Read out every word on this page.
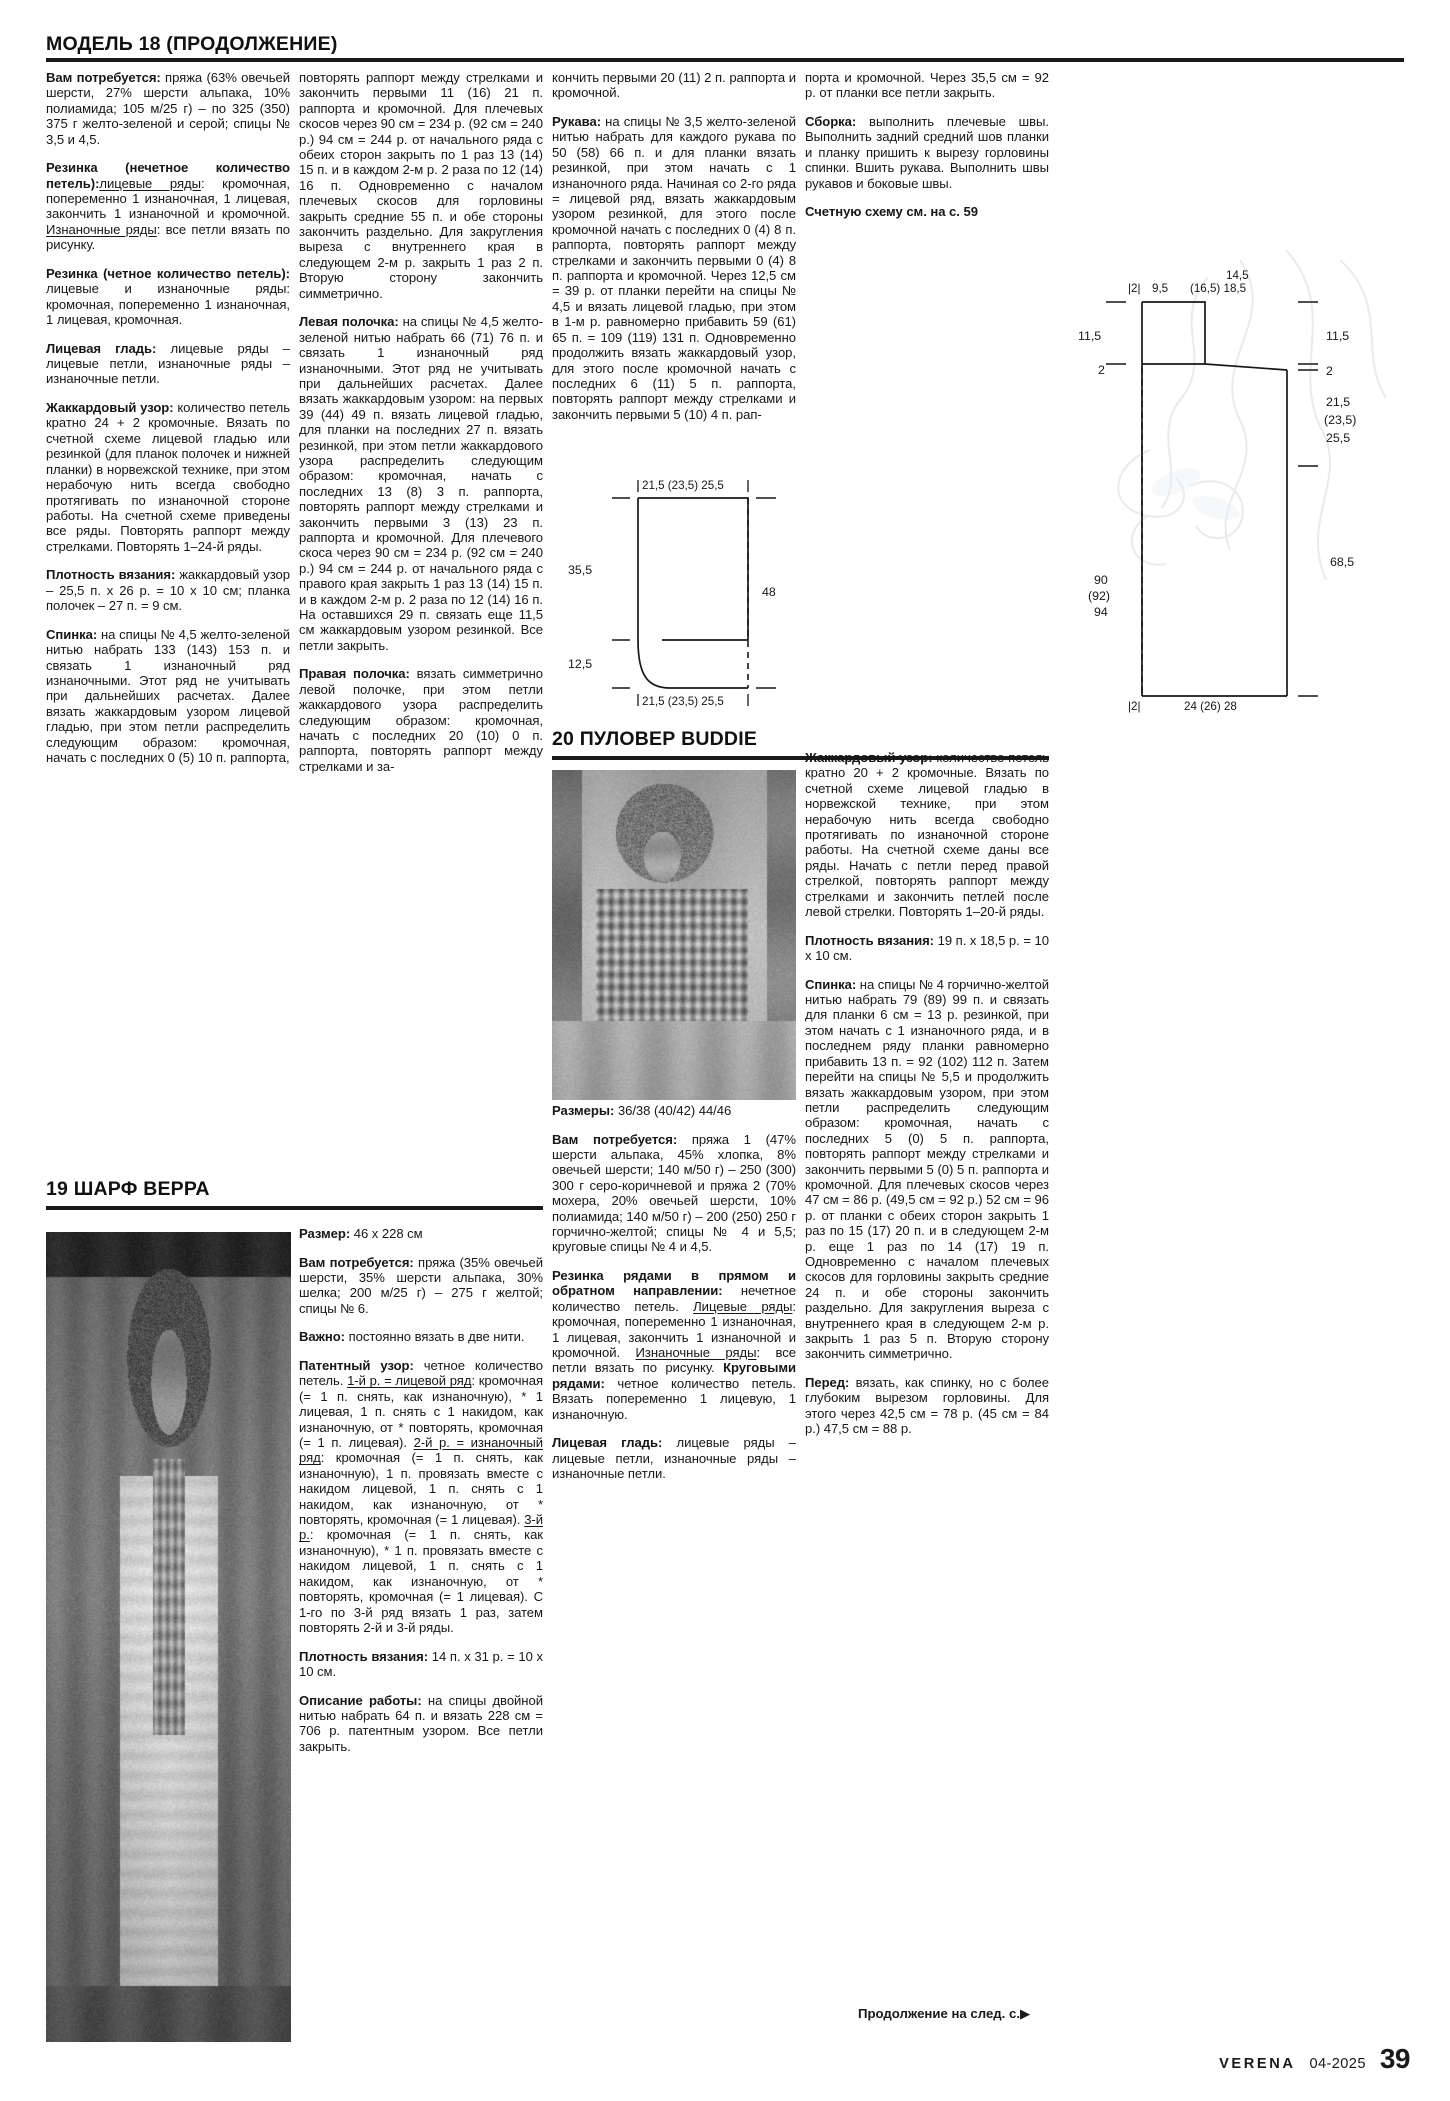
МОДЕЛЬ 18 (ПРОДОЛЖЕНИЕ)

Вам потребуется: пряжа (63% овечьей шерсти, 27% шерсти альпака, 10% полиамида; 105 м/25 г) – по 325 (350) 375 г желто-зеленой и серой; спицы № 3,5 и 4,5.

Резинка (нечетное количество петель):лицевые ряды: кромочная, попеременно 1 изнаночная, 1 лицевая, закончить 1 изнаночной и кромочной. Изнаночные ряды: все петли вязать по рисунку.

Резинка (четное количество петель): лицевые и изнаночные ряды: кромочная, попеременно 1 изнаночная, 1 лицевая, кромочная.

Лицевая гладь: лицевые ряды – лицевые петли, изнаночные ряды – изнаночные петли.

Жаккардовый узор: количество петель кратно 24 + 2 кромочные. Вязать по счетной схеме лицевой гладью или резинкой (для планок полочек и нижней планки) в норвежской технике, при этом нерабочую нить всегда свободно протягивать по изнаночной стороне работы. На счетной схеме приведены все ряды. Повторять раппорт между стрелками. Повторять 1–24-й ряды.

Плотность вязания: жаккардовый узор – 25,5 п. x 26 р. = 10 x 10 см; планка полочек – 27 п. = 9 см.

Спинка: на спицы № 4,5 желто-зеленой нитью набрать 133 (143) 153 п. и связать 1 изнаночный ряд изнаночными. Этот ряд не учитывать при дальнейших расчетах. Далее вязать жаккардовым узором лицевой гладью, при этом петли распределить следующим образом: кромочная, начать с последних 0 (5) 10 п. раппорта,

повторять раппорт между стрелками и закончить первыми 11 (16) 21 п. раппорта и кромочной. Для плечевых скосов через 90 см = 234 р. (92 см = 240 р.) 94 см = 244 р. от начального ряда с обеих сторон закрыть по 1 раз 13 (14) 15 п. и в каждом 2-м р. 2 раза по 12 (14) 16 п. Одновременно с началом плечевых скосов для горловины закрыть средние 55 п. и обе стороны закончить раздельно. Для закругления выреза с внутреннего края в следующем 2-м р. закрыть 1 раз 2 п. Вторую сторону закончить симметрично.

Левая полочка: на спицы № 4,5 желто-зеленой нитью набрать 66 (71) 76 п. и связать 1 изнаночный ряд изнаночными. Этот ряд не учитывать при дальнейших расчетах. Далее вязать жаккардовым узором: на первых 39 (44) 49 п. вязать лицевой гладью, для планки на последних 27 п. вязать резинкой, при этом петли жаккардового узора распределить следующим образом: кромочная, начать с последних 13 (8) 3 п. раппорта, повторять раппорт между стрелками и закончить первыми 3 (13) 23 п. раппорта и кромочной. Для плечевого скоса через 90 см = 234 р. (92 см = 240 р.) 94 см = 244 р. от начального ряда с правого края закрыть 1 раз 13 (14) 15 п. и в каждом 2-м р. 2 раза по 12 (14) 16 п. На оставшихся 29 п. связать еще 11,5 см жаккардовым узором резинкой. Все петли закрыть.

Правая полочка: вязать симметрично левой полочке, при этом петли жаккардового узора распределить следующим образом: кромочная, начать с последних 20 (10) 0 п. раппорта, повторять раппорт между стрелками и за-

кончить первыми 20 (11) 2 п. раппорта и кромочной.

Рукава: на спицы № 3,5 желто-зеленой нитью набрать для каждого рукава по 50 (58) 66 п. и для планки вязать резинкой, при этом начать с 1 изнаночного ряда. Начиная со 2-го ряда = лицевой ряд, вязать жаккардовым узором резинкой, для этого после кромочной начать с последних 0 (4) 8 п. раппорта, повторять раппорт между стрелками и закончить первыми 0 (4) 8 п. раппорта и кромочной. Через 12,5 см = 39 р. от планки перейти на спицы № 4,5 и вязать лицевой гладью, при этом в 1-м р. равномерно прибавить 59 (61) 65 п. = 109 (119) 131 п. Одновременно продолжить вязать жаккардовый узор, для этого после кромочной начать с последних 6 (11) 5 п. раппорта, повторять раппорт между стрелками и закончить первыми 5 (10) 4 п. рап-

порта и кромочной. Через 35,5 см = 92 р. от планки все петли закрыть.

Сборка: выполнить плечевые швы. Выполнить задний средний шов планки и планку пришить к вырезу горловины спинки. Вшить рукава. Выполнить швы рукавов и боковые швы.

Счетную схему см. на с. 59

21,5 (23,5) 25,5
35,5
12,5
48
21,5 (23,5) 25,5
|2| 9,5
14,5
(16,5) 18,5
11,5
2
11,5
2
21,5
(23,5)
25,5
68,5
90
(92)
94
|2|	24 (26) 28
19 ШАРФ ВЕРРА

Размер: 46 x 228 см

Вам потребуется: пряжа (35% овечьей шерсти, 35% шерсти альпака, 30% шелка; 200 м/25 г) – 275 г желтой; спицы № 6.

Важно: постоянно вязать в две нити.

Патентный узор: четное количество петель. 1-й р. = лицевой ряд: кромочная (= 1 п. снять, как изнаночную), * 1 лицевая, 1 п. снять с 1 накидом, как изнаночную, от * повторять, кромочная (= 1 п. лицевая). 2-й р. = изнаночный ряд: кромочная (= 1 п. снять, как изнаночную), 1 п. провязать вместе с накидом лицевой, 1 п. снять с 1 накидом, как изнаночную, от * повторять, кромочная (= 1 лицевая). 3-й р.: кромочная (= 1 п. снять, как изнаночную), * 1 п. провязать вместе с накидом лицевой, 1 п. снять с 1 накидом, как изнаночную, от * повторять, кромочная (= 1 лицевая). С 1-го по 3-й ряд вязать 1 раз, затем повторять 2-й и 3-й ряды.

Плотность вязания: 14 п. x 31 р. = 10 x 10 см.

Описание работы: на спицы двойной нитью набрать 64 п. и вязать 228 см = 706 р. патентным узором. Все петли закрыть.

20 ПУЛОВЕР BUDDIE

Размеры: 36/38 (40/42) 44/46

Вам потребуется: пряжа 1 (47% шерсти альпака, 45% хлопка, 8% овечьей шерсти; 140 м/50 г) – 250 (300) 300 г серо-коричневой и пряжа 2 (70% мохера, 20% овечьей шерсти, 10% полиамида; 140 м/50 г) – 200 (250) 250 г горчично-желтой; спицы № 4 и 5,5; круговые спицы № 4 и 4,5.

Резинка рядами в прямом и обратном направлении: нечетное количество петель. Лицевые ряды: кромочная, попеременно 1 изнаночная, 1 лицевая, закончить 1 изнаночной и кромочной. Изнаночные ряды: все петли вязать по рисунку. Круговыми рядами: четное количество петель. Вязать попеременно 1 лицевую, 1 изнаночную.

Лицевая гладь: лицевые ряды – лицевые петли, изнаночные ряды – изнаночные петли.

Жаккардовый узор: количество петель кратно 20 + 2 кромочные. Вязать по счетной схеме лицевой гладью в норвежской технике, при этом нерабочую нить всегда свободно протягивать по изнаночной стороне работы. На счетной схеме даны все ряды. Начать с петли перед правой стрелкой, повторять раппорт между стрелками и закончить петлей после левой стрелки. Повторять 1–20-й ряды.

Плотность вязания: 19 п. x 18,5 р. = 10 x 10 см.

Спинка: на спицы № 4 горчично-желтой нитью набрать 79 (89) 99 п. и связать для планки 6 см = 13 р. резинкой, при этом начать с 1 изнаночного ряда, и в последнем ряду планки равномерно прибавить 13 п. = 92 (102) 112 п. Затем перейти на спицы № 5,5 и продолжить вязать жаккардовым узором, при этом петли распределить следующим образом: кромочная, начать с последних 5 (0) 5 п. раппорта, повторять раппорт между стрелками и закончить первыми 5 (0) 5 п. раппорта и кромочной. Для плечевых скосов через 47 см = 86 р. (49,5 см = 92 р.) 52 см = 96 р. от планки с обеих сторон закрыть 1 раз по 15 (17) 20 п. и в следующем 2-м р. еще 1 раз по 14 (17) 19 п. Одновременно с началом плечевых скосов для горловины закрыть средние 24 п. и обе стороны закончить раздельно. Для закругления выреза с внутреннего края в следующем 2-м р. закрыть 1 раз 5 п. Вторую сторону закончить симметрично.

Перед: вязать, как спинку, но с более глубоким вырезом горловины. Для этого через 42,5 см = 78 р. (45 см = 84 р.) 47,5 см = 88 р.

Продолжение на след. с.▶
VERENA 04-2025 39
